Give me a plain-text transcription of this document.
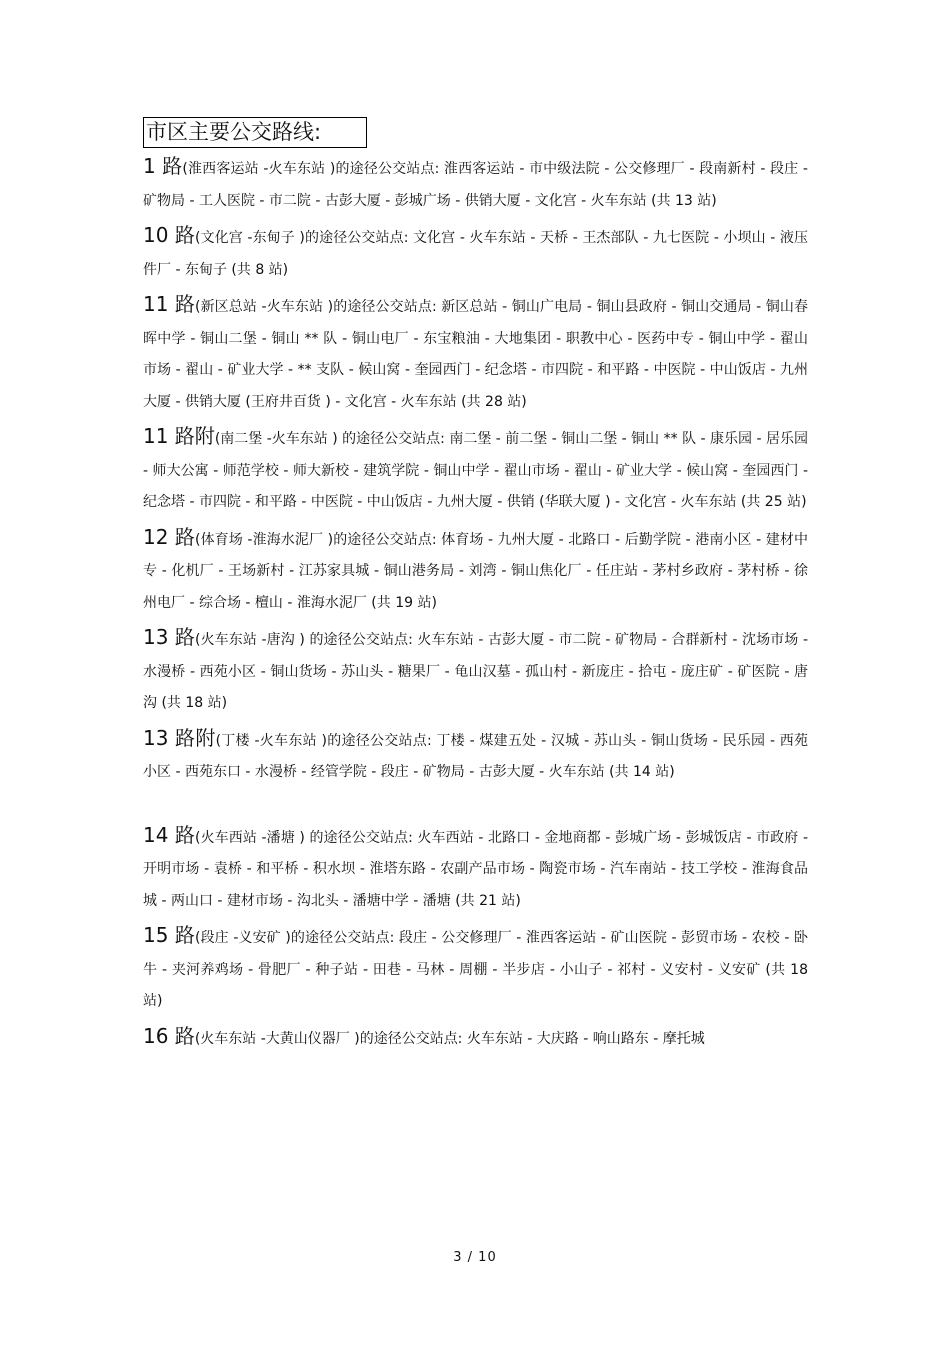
市区主要公交路线:
1 路(淮西客运站 -火车东站 )的途径公交站点: 淮西客运站 - 市中级法院 - 公交修理厂 - 段南新村 - 段庄 - 矿物局 - 工人医院 - 市二院 - 古彭大厦 - 彭城广场 - 供销大厦 - 文化宫 - 火车东站 (共 13 站)
10 路(文化宫 -东甸子 )的途径公交站点: 文化宫 - 火车东站 - 天桥 - 王杰部队 - 九七医院 - 小坝山 - 液压件厂 - 东甸子 (共 8 站)
11 路(新区总站 -火车东站 )的途径公交站点: 新区总站 - 铜山广电局 - 铜山县政府 - 铜山交通局 - 铜山春晖中学 - 铜山二堡 - 铜山 ** 队 - 铜山电厂 - 东宝粮油 - 大地集团 - 职教中心 - 医药中专 - 铜山中学 - 翟山市场 - 翟山 - 矿业大学 - ** 支队 - 候山窝 - 奎园西门 - 纪念塔 - 市四院 - 和平路 - 中医院 - 中山饭店 - 九州大厦 - 供销大厦 (王府井百货 ) - 文化宫 - 火车东站 (共 28 站)
11 路附(南二堡 -火车东站 ) 的途径公交站点: 南二堡 - 前二堡 - 铜山二堡 - 铜山 ** 队 - 康乐园 - 居乐园 - 师大公寓 - 师范学校 - 师大新校 - 建筑学院 - 铜山中学 - 翟山市场 - 翟山 - 矿业大学 - 候山窝 - 奎园西门 - 纪念塔 - 市四院 - 和平路 - 中医院 - 中山饭店 - 九州大厦 - 供销 (华联大厦 ) - 文化宫 - 火车东站 (共 25 站)
12 路(体育场 -淮海水泥厂 )的途径公交站点: 体育场 - 九州大厦 - 北路口 - 后勤学院 - 港南小区 - 建材中专 - 化机厂 - 王场新村 - 江苏家具城 - 铜山港务局 - 刘湾 - 铜山焦化厂 - 任庄站 - 茅村乡政府 - 茅村桥 - 徐州电厂 - 综合场 - 檀山 - 淮海水泥厂 (共 19 站)
13 路(火车东站 -唐沟 ) 的途径公交站点: 火车东站 - 古彭大厦 - 市二院 - 矿物局 - 合群新村 - 沈场市场 - 水漫桥 - 西苑小区 - 铜山货场 - 苏山头 - 糖果厂 - 龟山汉墓 - 孤山村 - 新庞庄 - 拾屯 - 庞庄矿 - 矿医院 - 唐沟 (共 18 站)
13 路附(丁楼 -火车东站 )的途径公交站点: 丁楼 - 煤建五处 - 汉城 - 苏山头 - 铜山货场 - 民乐园 - 西苑小区 - 西苑东口 - 水漫桥 - 经管学院 - 段庄 - 矿物局 - 古彭大厦 - 火车东站 (共 14 站)
14 路(火车西站 -潘塘 ) 的途径公交站点: 火车西站 - 北路口 - 金地商都 - 彭城广场 - 彭城饭店 - 市政府 - 开明市场 - 袁桥 - 和平桥 - 积水坝 - 淮塔东路 - 农副产品市场 - 陶瓷市场 - 汽车南站 - 技工学校 - 淮海食品城 - 两山口 - 建材市场 - 沟北头 - 潘塘中学 - 潘塘 (共 21 站)
15 路(段庄 -义安矿 )的途径公交站点: 段庄 - 公交修理厂 - 淮西客运站 - 矿山医院 - 彭贸市场 - 农校 - 卧牛 - 夹河养鸡场 - 骨肥厂 - 种子站 - 田巷 - 马林 - 周棚 - 半步店 - 小山子 - 祁村 - 义安村 - 义安矿 (共 18 站)
16 路(火车东站 -大黄山仪器厂 )的途径公交站点: 火车东站 - 大庆路 - 响山路东 - 摩托城
3 / 10
